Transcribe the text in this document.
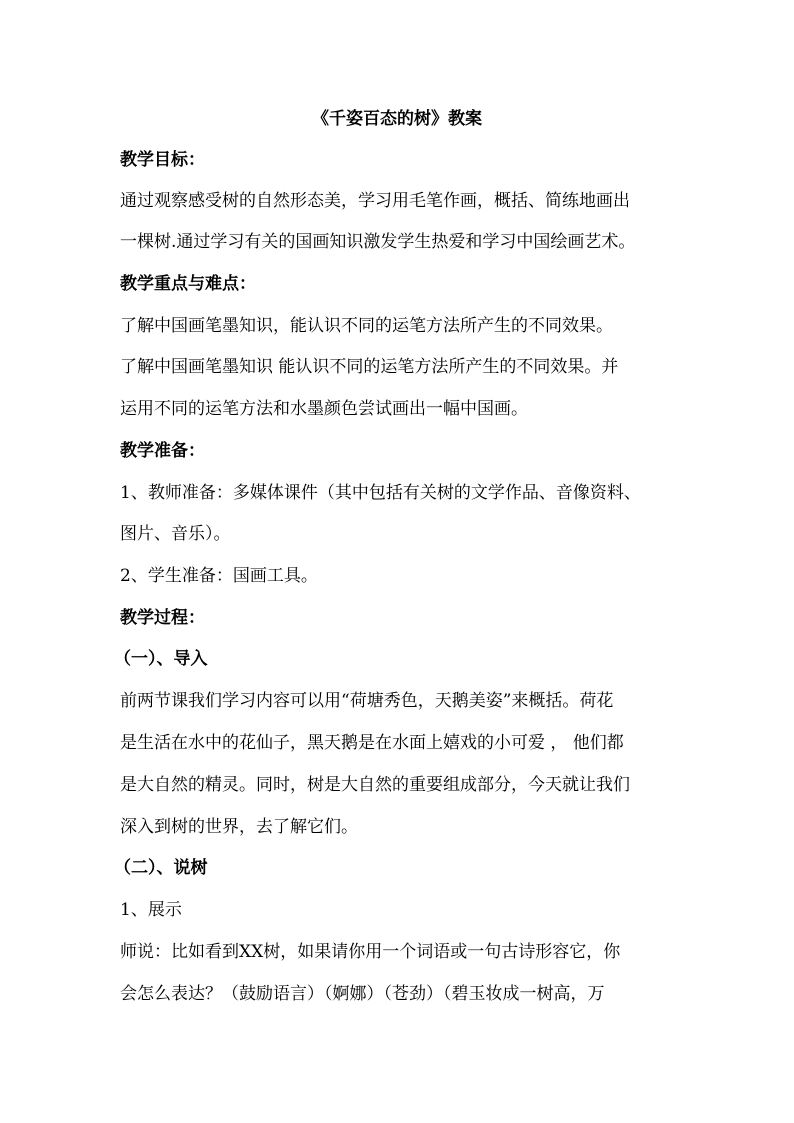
《千姿百态的树》教案
教学目标：
通过观察感受树的自然形态美，学习用毛笔作画，概括、简练地画出
一棵树.通过学习有关的国画知识激发学生热爱和学习中国绘画艺术。
教学重点与难点：
了解中国画笔墨知识，能认识不同的运笔方法所产生的不同效果。
了解中国画笔墨知识 能认识不同的运笔方法所产生的不同效果。并
运用不同的运笔方法和水墨颜色尝试画出一幅中国画。
教学准备：
1、教师准备：多媒体课件（其中包括有关树的文学作品、音像资料、
图片、音乐）。
2、学生准备：国画工具。
教学过程：
（一）、导入
前两节课我们学习内容可以用“荷塘秀色，天鹅美姿”来概括。荷花
是生活在水中的花仙子，黑天鹅是在水面上嬉戏的小可爱 ， 他们都
是大自然的精灵。同时，树是大自然的重要组成部分，今天就让我们
深入到树的世界，去了解它们。
（二）、说树
1、展示
师说：比如看到XX树，如果请你用一个词语或一句古诗形容它，你
会怎么表达？（鼓励语言）（婀娜）（苍劲）（碧玉妆成一树高，万
